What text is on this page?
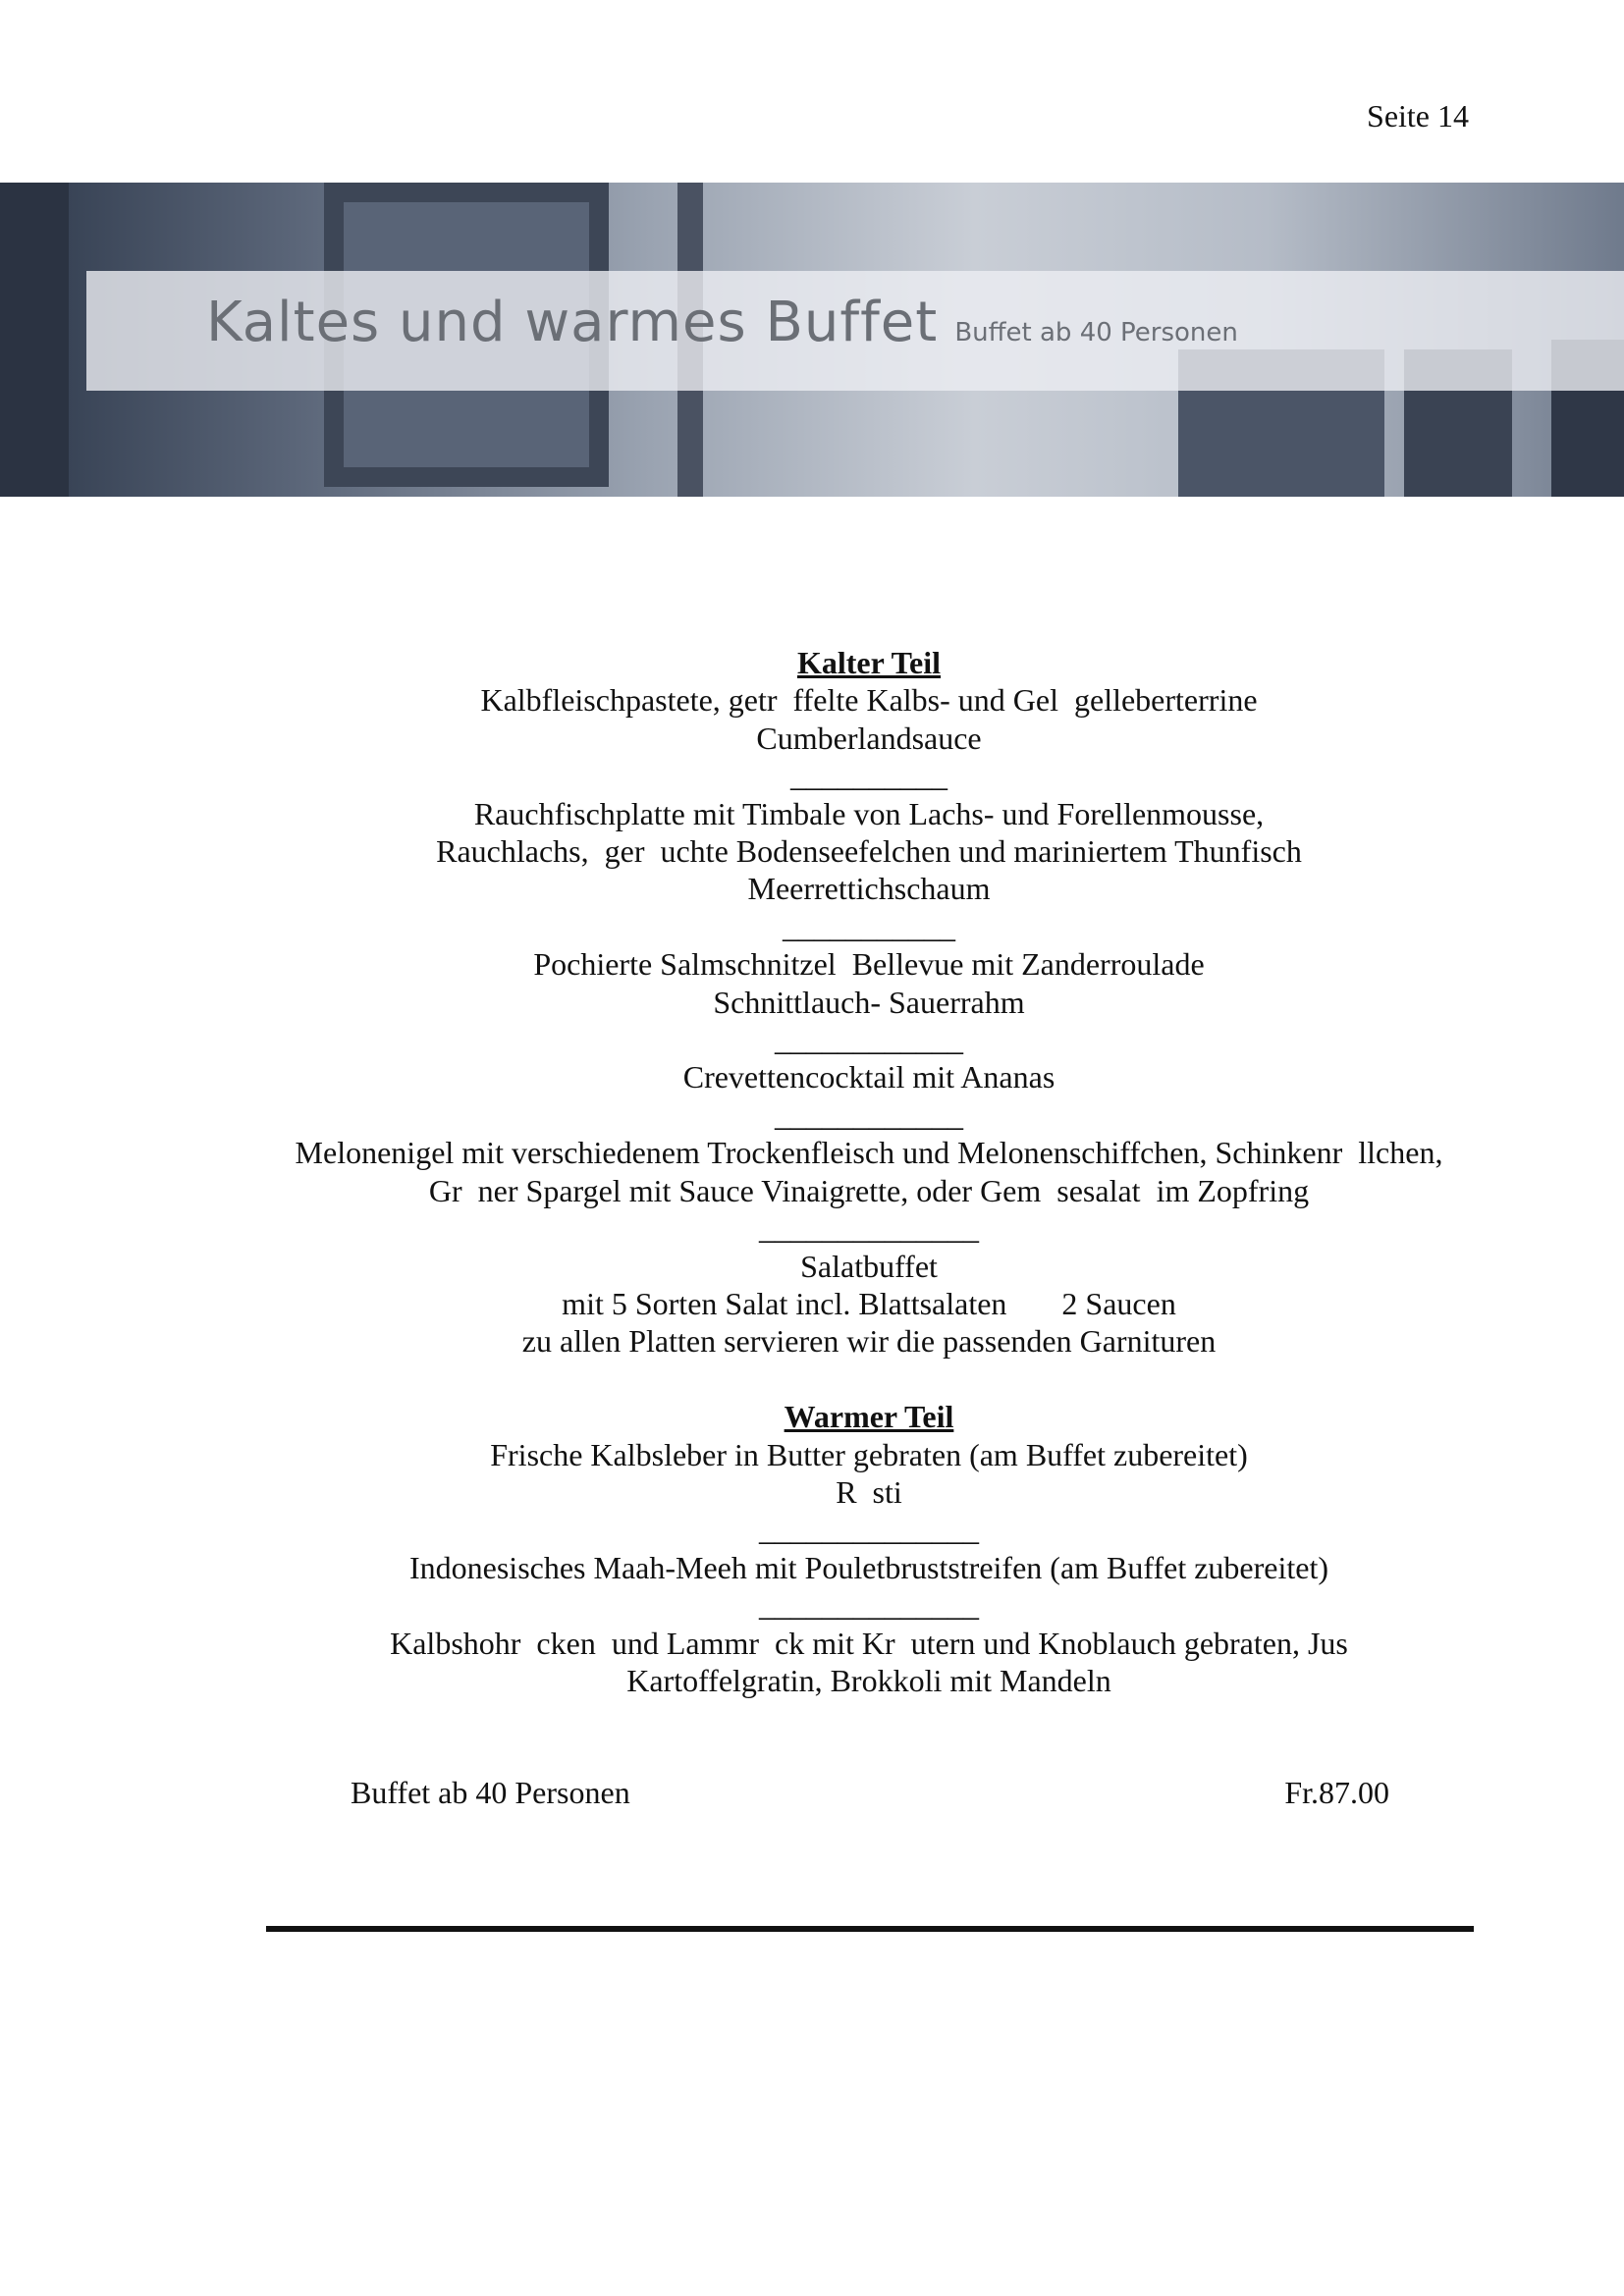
Seite 14
Kaltes und warmes Buffet Buffet ab 40 Personen
Kalter Teil
Kalbfleischpastete, getr  ffelte Kalbs- und Gel  gelleberterrine
Cumberlandsauce
__________
Rauchfischplatte mit Timbale von Lachs- und Forellenmousse,
Rauchlachs,  ger  uchte Bodenseefelchen und mariniertem Thunfisch
Meerrettichschaum
___________
Pochierte Salmschnitzel  Bellevue mit Zanderroulade
Schnittlauch- Sauerrahm
____________
Crevettencocktail mit Ananas
____________
Melonenigel mit verschiedenem Trockenfleisch und Melonenschiffchen, Schinkenr  llchen,
Gr  ner Spargel mit Sauce Vinaigrette, oder Gem  sesalat  im Zopfring
______________
Salatbuffet
mit 5 Sorten Salat incl. Blattsalaten       2 Saucen
zu allen Platten servieren wir die passenden Garnituren
Warmer Teil
Frische Kalbsleber in Butter gebraten (am Buffet zubereitet)
R  sti
______________
Indonesisches Maah-Meeh mit Pouletbruststreifen (am Buffet zubereitet)
______________
Kalbshohr  cken  und Lammr  ck mit Kr  utern und Knoblauch gebraten, Jus
Kartoffelgratin, Brokkoli mit Mandeln
Buffet ab 40 Personen	Fr.87.00
